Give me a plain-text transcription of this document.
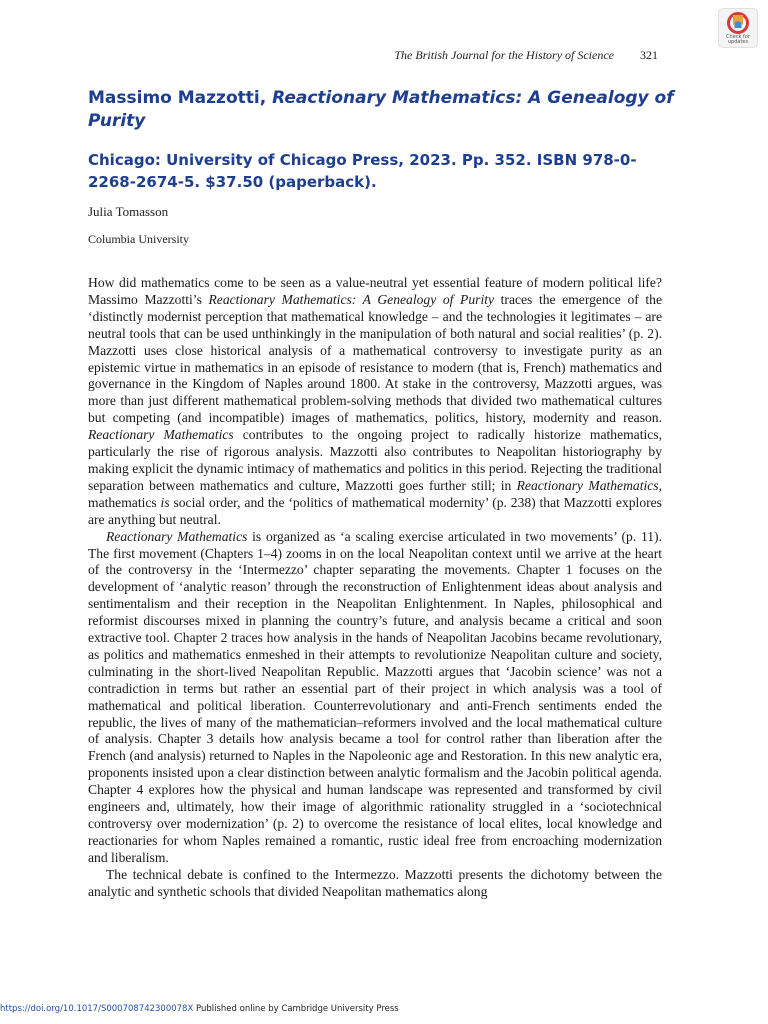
Check for
updates
The British Journal for the History of Science 321
Massimo Mazzotti, Reactionary Mathematics: A Genealogy of Purity
Chicago: University of Chicago Press, 2023. Pp. 352. ISBN 978-0-2268-2674-5. $37.50 (paperback).
Julia Tomasson
Columbia University

How did mathematics come to be seen as a value-neutral yet essential feature of modern political life? Massimo Mazzotti’s Reactionary Mathematics: A Genealogy of Purity traces the emergence of the ‘distinctly modernist perception that mathematical knowledge – and the technologies it legitimates – are neutral tools that can be used unthinkingly in the manipulation of both natural and social realities’ (p. 2). Mazzotti uses close historical analysis of a mathematical controversy to investigate purity as an epistemic virtue in mathematics in an episode of resistance to modern (that is, French) mathematics and governance in the Kingdom of Naples around 1800. At stake in the controversy, Mazzotti argues, was more than just different mathematical problem-solving methods that divided two mathematical cultures but competing (and incompatible) images of mathematics, politics, history, modernity and reason. Reactionary Mathematics contributes to the ongoing project to radically historize mathematics, particularly the rise of rigorous analysis. Mazzotti also contributes to Neapolitan historiography by making explicit the dynamic intimacy of mathematics and politics in this period. Rejecting the traditional separation between mathematics and culture, Mazzotti goes further still; in Reactionary Mathematics, mathematics is social order, and the ‘politics of mathematical modernity’ (p. 238) that Mazzotti explores are anything but neutral.

Reactionary Mathematics is organized as ‘a scaling exercise articulated in two movements’ (p. 11). The first movement (Chapters 1–4) zooms in on the local Neapolitan context until we arrive at the heart of the controversy in the ‘Intermezzo’ chapter separating the movements. Chapter 1 focuses on the development of ‘analytic reason’ through the reconstruction of Enlightenment ideas about analysis and sentimentalism and their reception in the Neapolitan Enlightenment. In Naples, philosophical and reformist discourses mixed in planning the country’s future, and analysis became a critical and soon extractive tool. Chapter 2 traces how analysis in the hands of Neapolitan Jacobins became revolutionary, as politics and mathematics enmeshed in their attempts to revolutionize Neapolitan culture and society, culminating in the short-lived Neapolitan Republic. Mazzotti argues that ‘Jacobin science’ was not a contradiction in terms but rather an essential part of their project in which analysis was a tool of mathematical and political liberation. Counterrevolutionary and anti-French sentiments ended the republic, the lives of many of the mathematician–reformers involved and the local mathematical culture of analysis. Chapter 3 details how analysis became a tool for control rather than liberation after the French (and analysis) returned to Naples in the Napoleonic age and Restoration. In this new analytic era, proponents insisted upon a clear distinction between analytic formalism and the Jacobin political agenda. Chapter 4 explores how the physical and human landscape was represented and transformed by civil engineers and, ultimately, how their image of algorithmic rationality struggled in a ‘sociotechnical controversy over modernization’ (p. 2) to overcome the resistance of local elites, local knowledge and reactionaries for whom Naples remained a romantic, rustic ideal free from encroaching modernization and liberalism.

The technical debate is confined to the Intermezzo. Mazzotti presents the dichotomy between the analytic and synthetic schools that divided Neapolitan mathematics along

https://doi.org/10.1017/S000708742300078X Published online by Cambridge University Press
